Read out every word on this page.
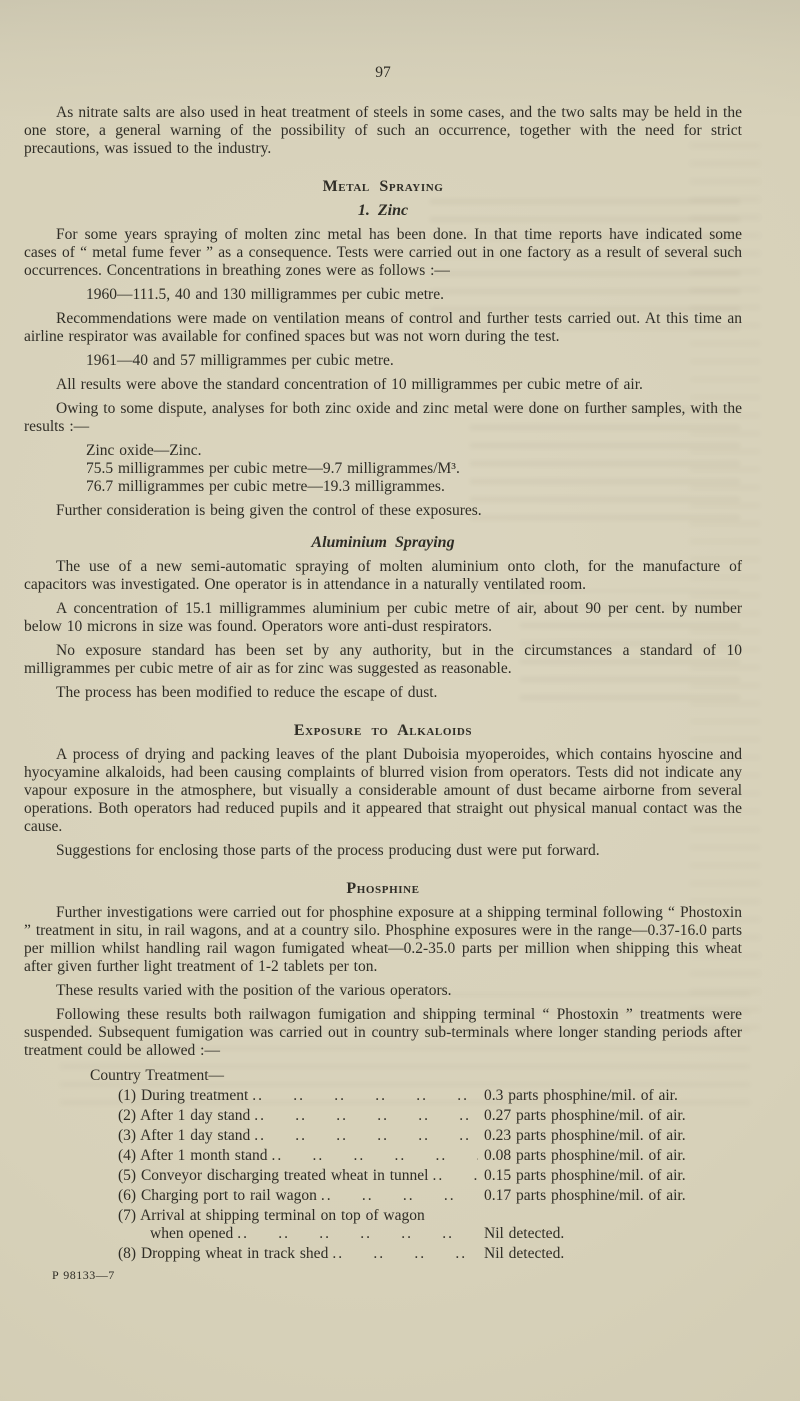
97

As nitrate salts are also used in heat treatment of steels in some cases, and the two salts may be held in the one store, a general warning of the possibility of such an occurrence, together with the need for strict precautions, was issued to the industry.

Metal Spraying
1. Zinc

For some years spraying of molten zinc metal has been done. In that time reports have indicated some cases of “ metal fume fever ” as a consequence. Tests were carried out in one factory as a result of several such occurrences. Concentrations in breathing zones were as follows :—

1960—111.5, 40 and 130 milligrammes per cubic metre.

Recommendations were made on ventilation means of control and further tests carried out. At this time an airline respirator was available for confined spaces but was not worn during the test.

1961—40 and 57 milligrammes per cubic metre.

All results were above the standard concentration of 10 milligrammes per cubic metre of air.

Owing to some dispute, analyses for both zinc oxide and zinc metal were done on further samples, with the results :—

Zinc oxide—Zinc.

75.5 milligrammes per cubic metre—9.7 milligrammes/M³.

76.7 milligrammes per cubic metre—19.3 milligrammes.

Further consideration is being given the control of these exposures.

Aluminium Spraying

The use of a new semi-automatic spraying of molten aluminium onto cloth, for the manufacture of capacitors was investigated. One operator is in attendance in a naturally ventilated room.

A concentration of 15.1 milligrammes aluminium per cubic metre of air, about 90 per cent. by number below 10 microns in size was found. Operators wore anti-dust respirators.

No exposure standard has been set by any authority, but in the circumstances a standard of 10 milligrammes per cubic metre of air as for zinc was suggested as reasonable.

The process has been modified to reduce the escape of dust.

Exposure to Alkaloids

A process of drying and packing leaves of the plant Duboisia myoperoides, which contains hyoscine and hyocyamine alkaloids, had been causing complaints of blurred vision from operators. Tests did not indicate any vapour exposure in the atmosphere, but visually a considerable amount of dust became airborne from several operations. Both operators had reduced pupils and it appeared that straight out physical manual contact was the cause.

Suggestions for enclosing those parts of the process producing dust were put forward.

Phosphine

Further investigations were carried out for phosphine exposure at a shipping terminal following “ Phostoxin ” treatment in situ, in rail wagons, and at a country silo. Phosphine exposures were in the range—0.37-16.0 parts per million whilst handling rail wagon fumigated wheat—0.2-35.0 parts per million when shipping this wheat after given further light treatment of 1-2 tablets per ton.

These results varied with the position of the various operators.

Following these results both railwagon fumigation and shipping terminal “ Phostoxin ” treatments were suspended. Subsequent fumigation was carried out in country sub-terminals where longer standing periods after treatment could be allowed :—

Country Treatment—

(1) During treatment ..   	0.3 parts phosphine/mil. of air.
(2) After 1 day stand ..   	0.27 parts phosphine/mil. of air.
(3) After 1 day stand ..   	0.23 parts phosphine/mil. of air.
(4) After 1 month stand ..   	0.08 parts phosphine/mil. of air.
(5) Conveyor discharging treated wheat in tunnel ..   	0.15 parts phosphine/mil. of air.
(6) Charging port to rail wagon ..   	0.17 parts phosphine/mil. of air.
(7) Arrival at shipping terminal on top of wagon
when opened ..   	Nil detected.
(8) Dropping wheat in track shed ..   	Nil detected.
P 98133—7
